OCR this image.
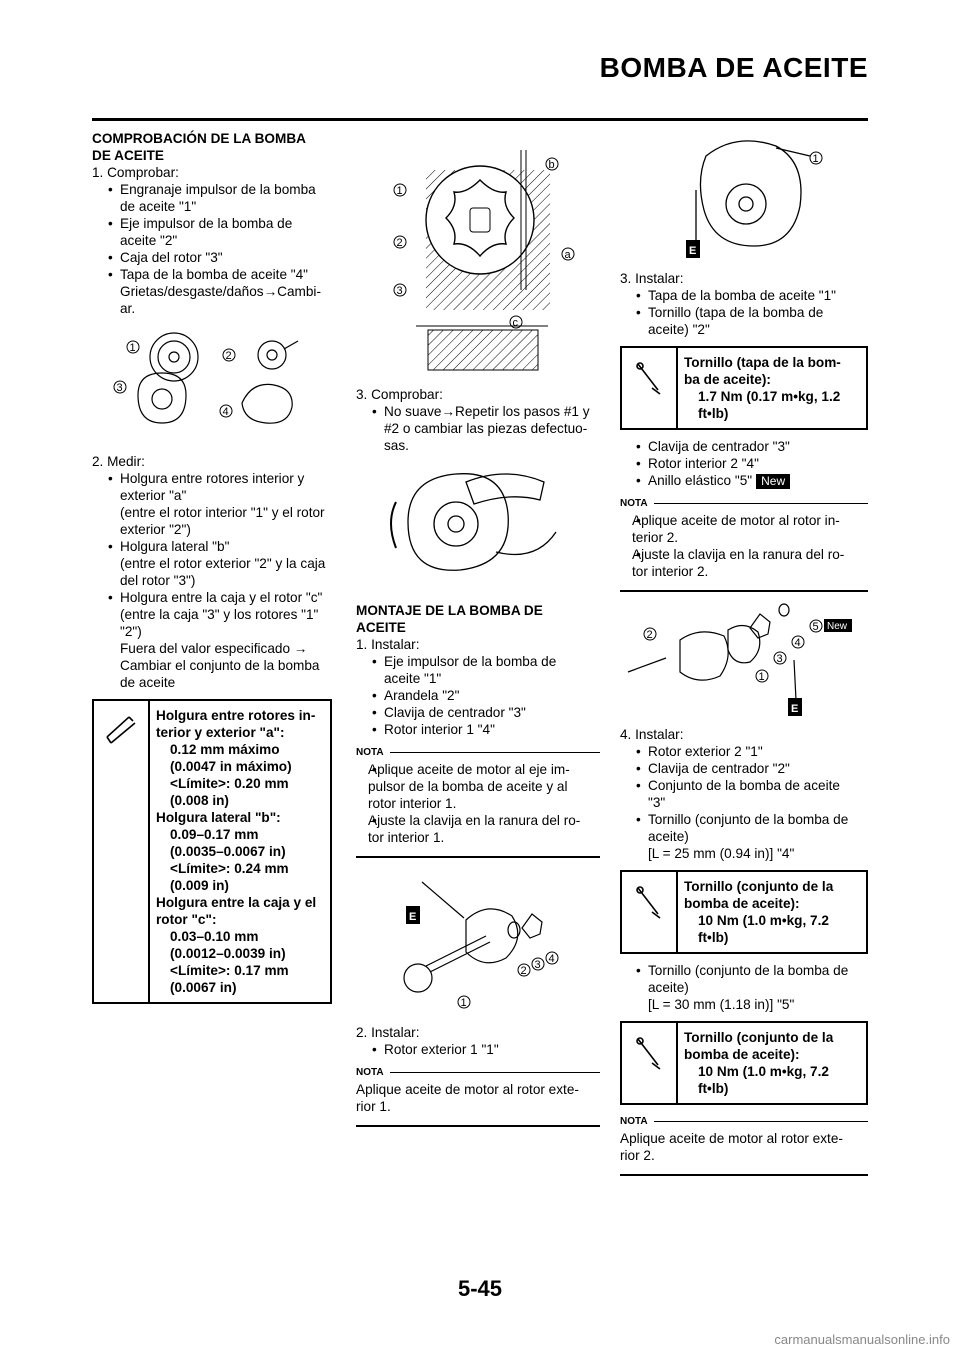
BOMBA DE ACEITE

COMPROBACIÓN DE LA BOMBA

DE ACEITE

1. Comprobar:

• Engranaje impulsor de la bomba

de aceite "1"

• Eje impulsor de la bomba de

aceite "2"

• Caja del rotor "3"

• Tapa de la bomba de aceite "4"

Grietas/desgaste/daños→Cambi-

ar.

1
2
3
4

2. Medir:

• Holgura entre rotores interior y

exterior "a"

(entre el rotor interior "1" y el rotor

exterior "2")

• Holgura lateral "b"

(entre el rotor exterior "2" y la caja

del rotor "3")

• Holgura entre la caja y el rotor "c"

(entre la caja "3" y los rotores "1"

"2")

Fuera del valor especificado →

Cambiar el conjunto de la bomba

de aceite

Holgura entre rotores in-
terior y exterior "a":
0.12 mm máximo
(0.0047 in máximo)
<Límite>: 0.20 mm
(0.008 in)
Holgura lateral "b":
0.09–0.17 mm
(0.0035–0.0067 in)
<Límite>: 0.24 mm
(0.009 in)
Holgura entre la caja y el
rotor "c":
0.03–0.10 mm
(0.0012–0.0039 in)
<Límite>: 0.17 mm
(0.0067 in)
1
2
3
a
b
c

3. Comprobar:

• No suave→Repetir los pasos #1 y

#2 o cambiar las piezas defectuo-

sas.

MONTAJE DE LA BOMBA DE

ACEITE

1. Instalar:

• Eje impulsor de la bomba de

aceite "1"

• Arandela "2"

• Clavija de centrador "3"

• Rotor interior 1 "4"

NOTA

• Aplique aceite de motor al eje im-

pulsor de la bomba de aceite y al

rotor interior 1.

• Ajuste la clavija en la ranura del ro-

tor interior 1.

E
1
2 3 4

2. Instalar:

• Rotor exterior 1 "1"

NOTA

Aplique aceite de motor al rotor exte-

rior 1.

E
1

3. Instalar:

• Tapa de la bomba de aceite "1"

• Tornillo (tapa de la bomba de

aceite) "2"

Tornillo (tapa de la bom-
ba de aceite):
1.7 Nm (0.17 m•kg, 1.2
ft•lb)

• Clavija de centrador "3"

• Rotor interior 2 "4"

• Anillo elástico "5" New

NOTA

• Aplique aceite de motor al rotor in-

terior 2.

• Ajuste la clavija en la ranura del ro-

tor interior 2.

2
1
3
4
5 New
E

4. Instalar:

• Rotor exterior 2 "1"

• Clavija de centrador "2"

• Conjunto de la bomba de aceite

"3"

• Tornillo (conjunto de la bomba de

aceite)

[L = 25 mm (0.94 in)] "4"

Tornillo (conjunto de la
bomba de aceite):
10 Nm (1.0 m•kg, 7.2
ft•lb)

• Tornillo (conjunto de la bomba de

aceite)

[L = 30 mm (1.18 in)] "5"

Tornillo (conjunto de la
bomba de aceite):
10 Nm (1.0 m•kg, 7.2
ft•lb)
NOTA

Aplique aceite de motor al rotor exte-

rior 2.

5-45
carmanualsmanualsonline.info
